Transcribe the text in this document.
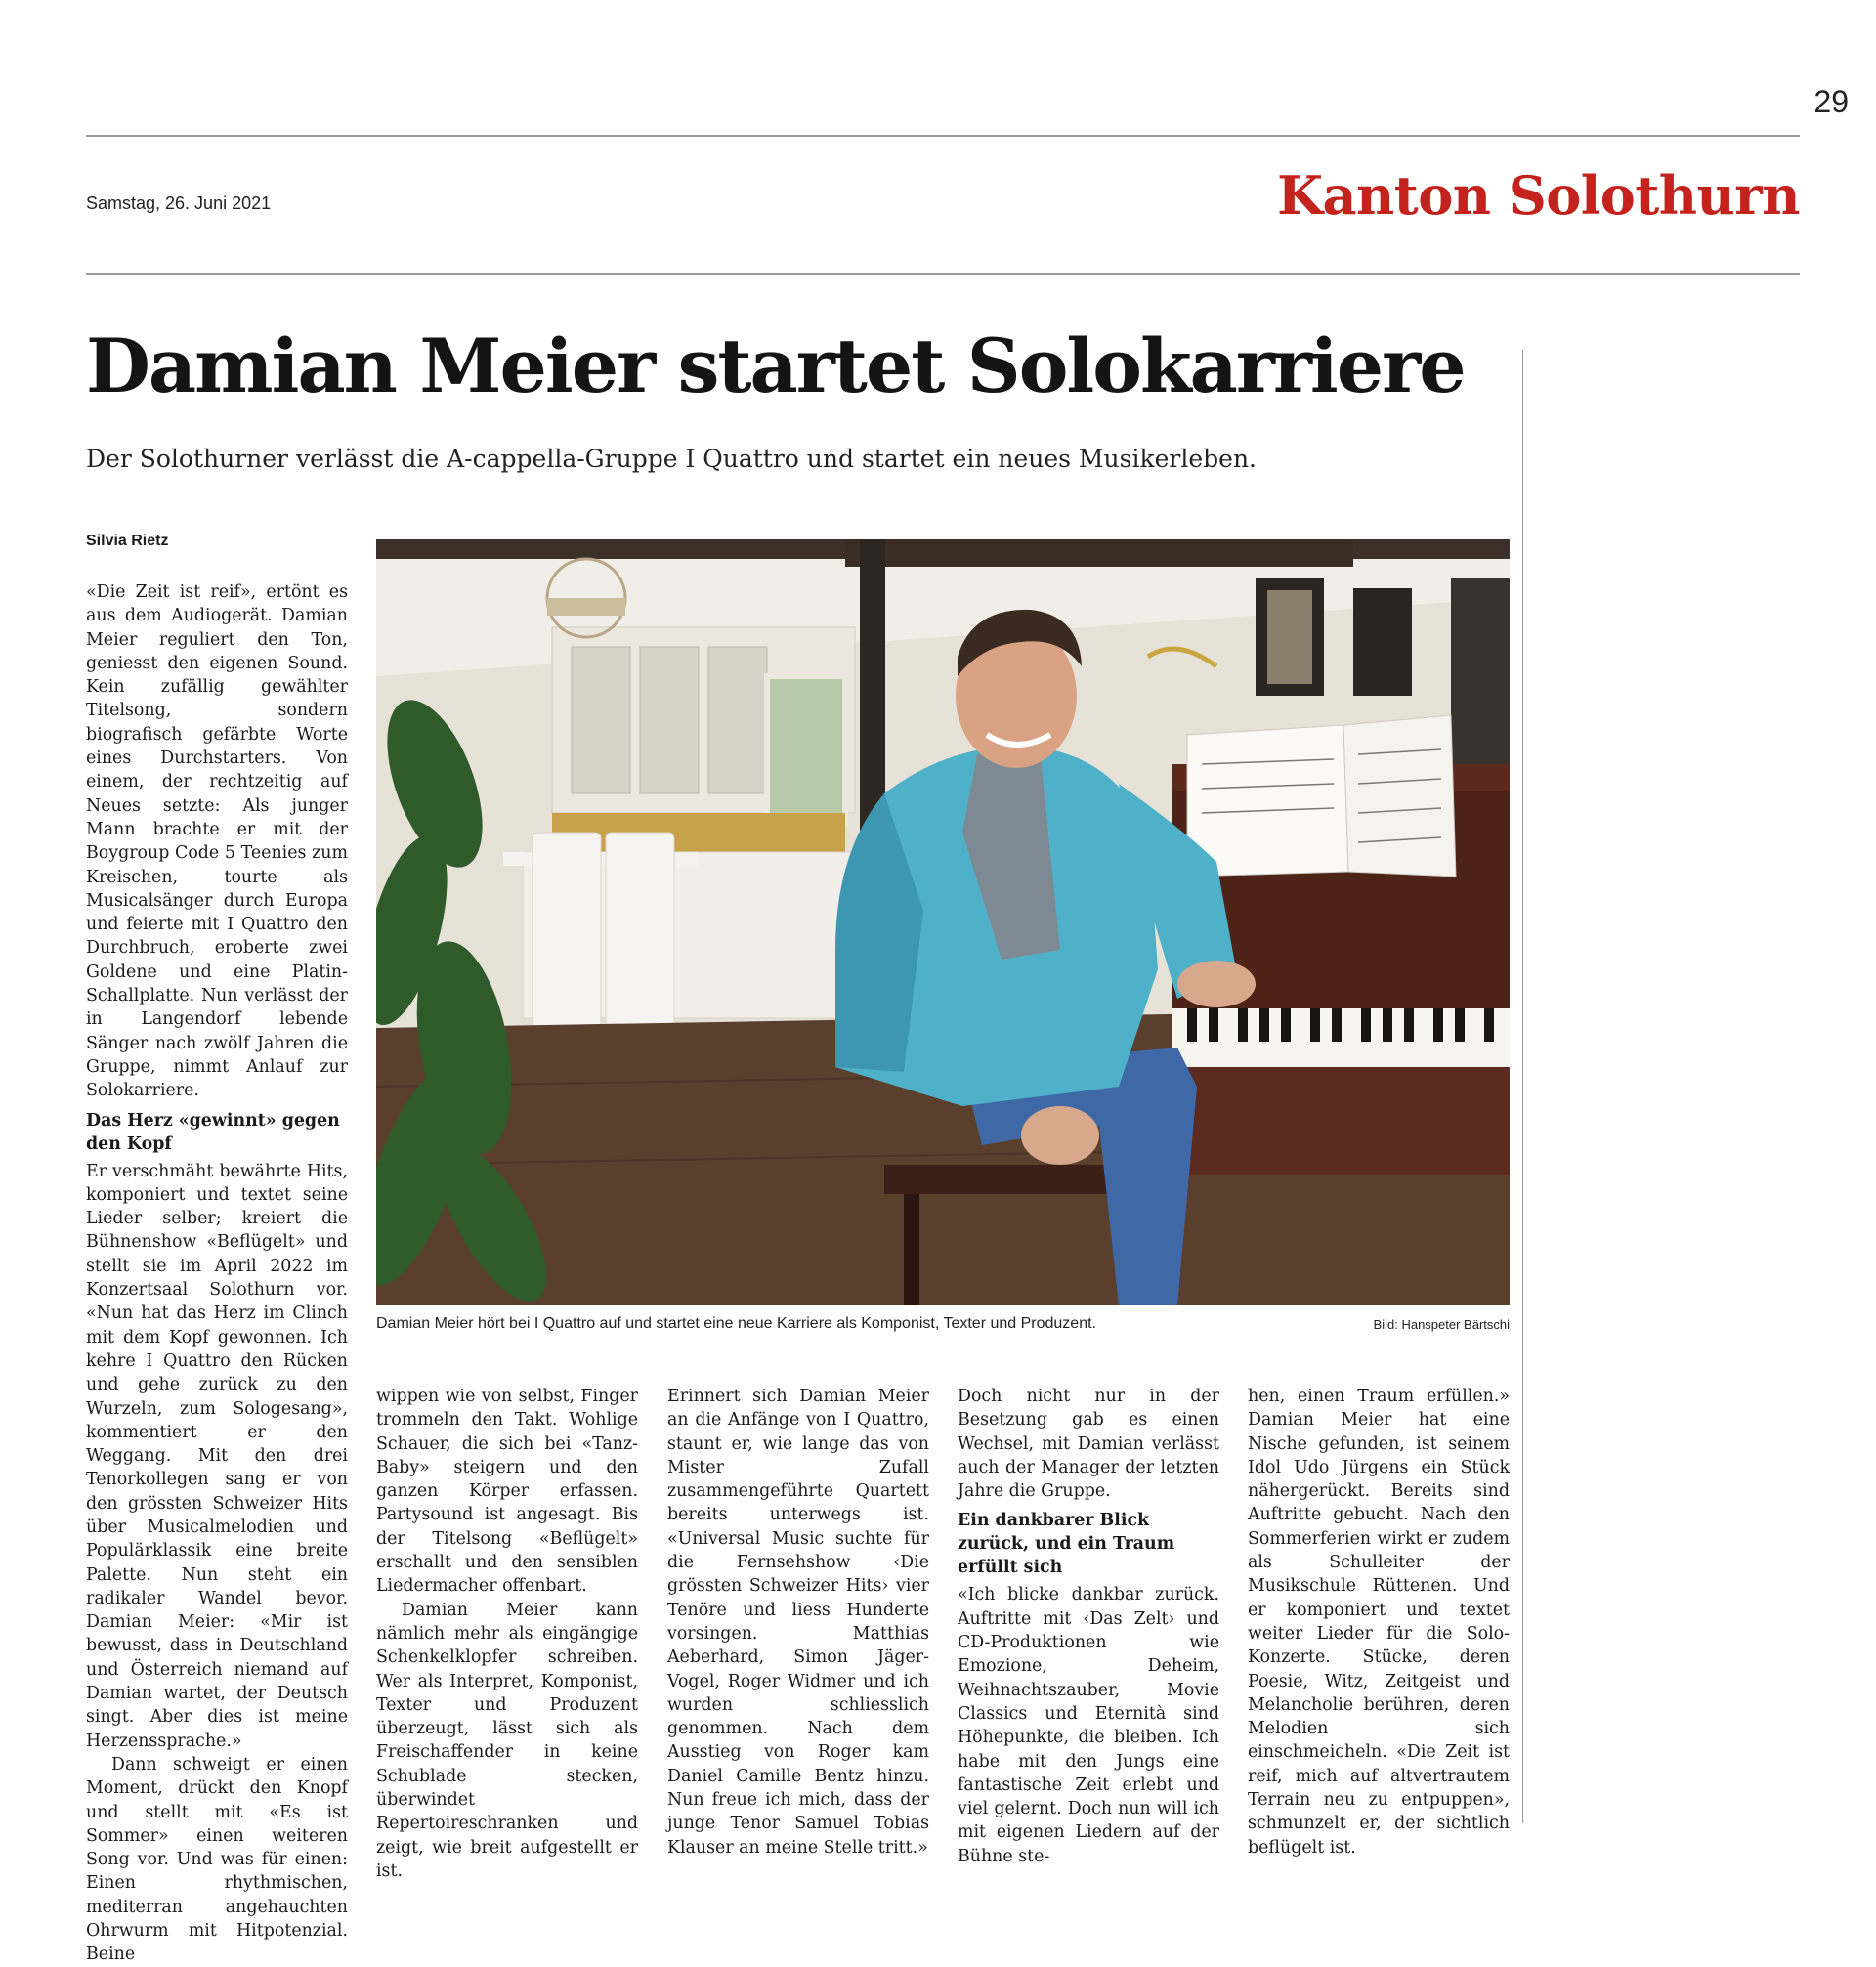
29
Samstag, 26. Juni 2021	Kanton Solothurn
Damian Meier startet Solokarriere

Der Solothurner verlässt die A-cappella-Gruppe I Quattro und startet ein neues Musikerleben.

Silvia Rietz

«Die Zeit ist reif», ertönt es aus dem Audiogerät. Damian Meier reguliert den Ton, geniesst den eigenen Sound. Kein zufällig gewählter Titelsong, sondern biografisch gefärbte Worte eines Durchstarters. Von einem, der rechtzeitig auf Neues setzte: Als junger Mann brachte er mit der Boygroup Code 5 Teenies zum Kreischen, tourte als Musicalsänger durch Europa und feierte mit I Quattro den Durchbruch, eroberte zwei Goldene und eine Platin-Schallplatte. Nun verlässt der in Langendorf lebende Sänger nach zwölf Jahren die Gruppe, nimmt Anlauf zur Solokarriere.

Das Herz «gewinnt» gegen den Kopf

Er verschmäht bewährte Hits, komponiert und textet seine Lieder selber; kreiert die Bühnenshow «Beflügelt» und stellt sie im April 2022 im Konzertsaal Solothurn vor. «Nun hat das Herz im Clinch mit dem Kopf gewonnen. Ich kehre I Quattro den Rücken und gehe zurück zu den Wurzeln, zum Sologesang», kommentiert er den Weggang. Mit den drei Tenorkollegen sang er von den grössten Schweizer Hits über Musicalmelodien und Populärklassik eine breite Palette. Nun steht ein radikaler Wandel bevor. Damian Meier: «Mir ist bewusst, dass in Deutschland und Österreich niemand auf Damian wartet, der Deutsch singt. Aber dies ist meine Herzenssprache.»

Dann schweigt er einen Moment, drückt den Knopf und stellt mit «Es ist Sommer» einen weiteren Song vor. Und was für einen: Einen rhythmischen, mediterran angehauchten Ohrwurm mit Hitpotenzial. Beine

Damian Meier hört bei I Quattro auf und startet eine neue Karriere als Komponist, Texter und Produzent.	Bild: Hanspeter Bärtschi

wippen wie von selbst, Finger trommeln den Takt. Wohlige Schauer, die sich bei «Tanz-Baby» steigern und den ganzen Körper erfassen. Partysound ist angesagt. Bis der Titelsong «Beflügelt» erschallt und den sensiblen Liedermacher offenbart.

Damian Meier kann nämlich mehr als eingängige Schenkelklopfer schreiben. Wer als Interpret, Komponist, Texter und Produzent überzeugt, lässt sich als Freischaffender in keine Schublade stecken, überwindet Repertoireschranken und zeigt, wie breit aufgestellt er ist.

Erinnert sich Damian Meier an die Anfänge von I Quattro, staunt er, wie lange das von Mister Zufall zusammengeführte Quartett bereits unterwegs ist. «Universal Music suchte für die Fernsehshow ‹Die grössten Schweizer Hits› vier Tenöre und liess Hunderte vorsingen. Matthias Aeberhard, Simon Jäger-Vogel, Roger Widmer und ich wurden schliesslich genommen. Nach dem Ausstieg von Roger kam Daniel Camille Bentz hinzu. Nun freue ich mich, dass der junge Tenor Samuel Tobias Klauser an meine Stelle tritt.»

Doch nicht nur in der Besetzung gab es einen Wechsel, mit Damian verlässt auch der Manager der letzten Jahre die Gruppe.

Ein dankbarer Blick zurück, und ein Traum erfüllt sich

«Ich blicke dankbar zurück. Auftritte mit ‹Das Zelt› und CD-Produktionen wie Emozione, Deheim, Weihnachtszauber, Movie Classics und Eternità sind Höhepunkte, die bleiben. Ich habe mit den Jungs eine fantastische Zeit erlebt und viel gelernt. Doch nun will ich mit eigenen Liedern auf der Bühne ste-

hen, einen Traum erfüllen.» Damian Meier hat eine Nische gefunden, ist seinem Idol Udo Jürgens ein Stück nähergerückt. Bereits sind Auftritte gebucht. Nach den Sommerferien wirkt er zudem als Schulleiter der Musikschule Rüttenen. Und er komponiert und textet weiter Lieder für die Solo-Konzerte. Stücke, deren Poesie, Witz, Zeitgeist und Melancholie berühren, deren Melodien sich einschmeicheln. «Die Zeit ist reif, mich auf altvertrautem Terrain neu zu entpuppen», schmunzelt er, der sichtlich beflügelt ist.
